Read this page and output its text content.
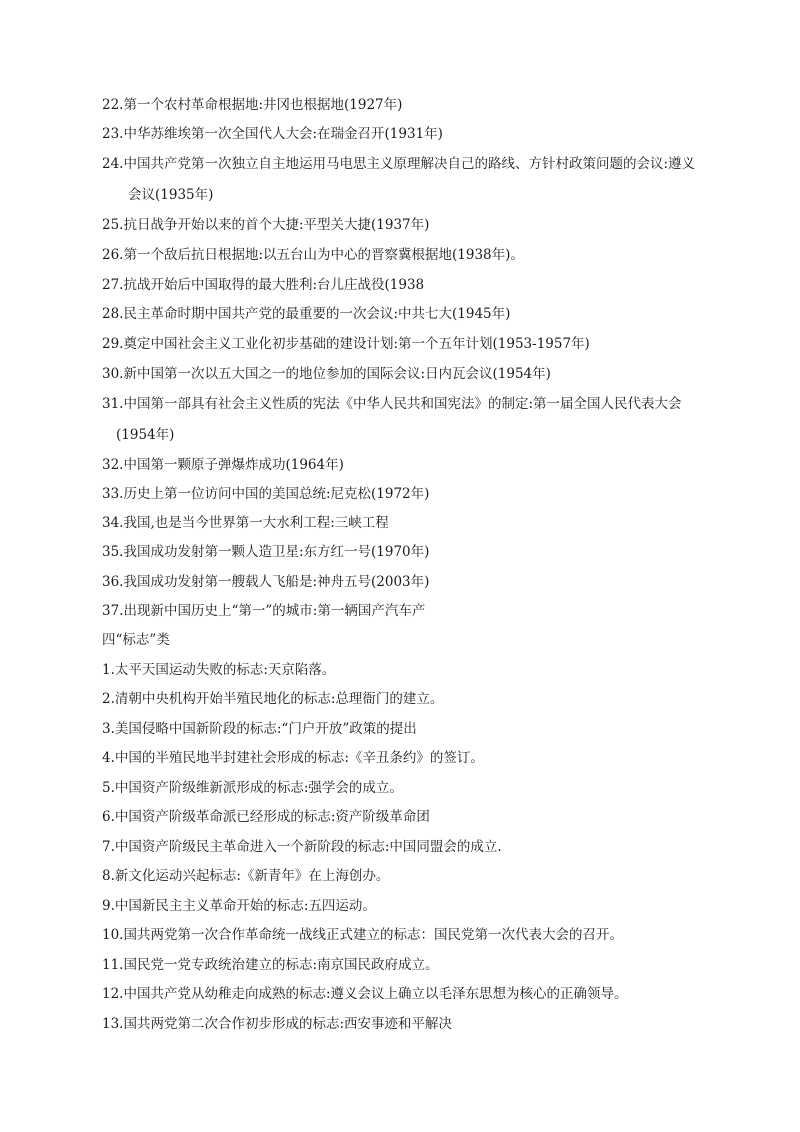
22.第一个农村革命根据地:井冈也根据地(1927年)
23.中华苏维埃第一次全国代人大会:在瑞金召开(1931年)
24.中国共产党第一次独立自主地运用马电思主义原理解决自己的路线、方针村政策问题的会议:遵义
会议(1935年)
25.抗日战争开始以来的首个大捷:平型关大捷(1937年)
26.第一个敌后抗日根据地:以五台山为中心的晋察冀根据地(1938年)。
27.抗战开始后中国取得的最大胜利:台儿庄战役(1938
28.民主革命时期中国共产党的最重要的一次会议:中共七大(1945年)
29.奠定中国社会主义工业化初步基础的建设计划:第一个五年计划(1953-1957年)
30.新中国第一次以五大国之一的地位参加的国际会议:日内瓦会议(1954年)
31.中国第一部具有社会主义性质的宪法《中华人民共和国宪法》的制定:第一届全国人民代表大会
(1954年)
32.中国第一颗原子弹爆炸成功(1964年)
33.历史上第一位访问中国的美国总统:尼克松(1972年)
34.我国,也是当今世界第一大水利工程:三峡工程
35.我国成功发射第一颗人造卫星:东方红一号(1970年)
36.我国成功发射第一艘载人飞船是:神舟五号(2003年)
37.出现新中国历史上“第一”的城市:第一辆国产汽车产
四“标志”类
1.太平天国运动失败的标志:天京陷落。
2.清朝中央机构开始半殖民地化的标志:总理衙门的建立。
3.美国侵略中国新阶段的标志:“门户开放”政策的提出
4.中国的半殖民地半封建社会形成的标志:《辛丑条约》的签订。
5.中国资产阶级维新派形成的标志:强学会的成立。
6.中国资产阶级革命派已经形成的标志:资产阶级革命团
7.中国资产阶级民主革命进入一个新阶段的标志:中国同盟会的成立.
8.新文化运动兴起标志:《新青年》在上海创办。
9.中国新民主主义革命开始的标志:五四运动。
10.国共两党第一次合作革命统一战线正式建立的标志：国民党第一次代表大会的召开。
11.国民党一党专政统治建立的标志:南京国民政府成立。
12.中国共产党从幼稚走向成熟的标志:遵义会议上确立以毛泽东思想为核心的正确领导。
13.国共两党第二次合作初步形成的标志:西安事迹和平解决
